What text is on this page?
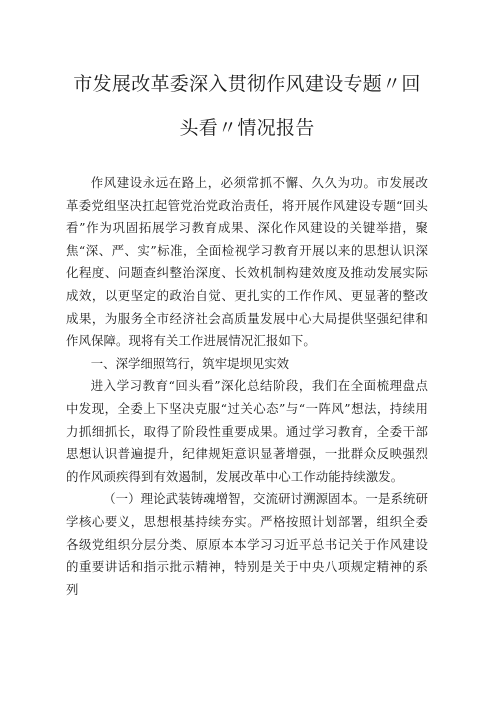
市发展改革委深入贯彻作风建设专题〃回
头看〃情况报告

作风建设永远在路上，必须常抓不懈、久久为功。市发展改革委党组坚决扛起管党治党政治责任，将开展作风建设专题“回头看”作为巩固拓展学习教育成果、深化作风建设的关键举措，聚焦“深、严、实”标准，全面检视学习教育开展以来的思想认识深化程度、问题查纠整治深度、长效机制构建效度及推动发展实际成效，以更坚定的政治自觉、更扎实的工作作风、更显著的整改成果，为服务全市经济社会高质量发展中心大局提供坚强纪律和作风保障。现将有关工作进展情况汇报如下。

一、深学细照笃行，筑牢堤坝见实效

进入学习教育“回头看”深化总结阶段，我们在全面梳理盘点中发现，全委上下坚决克服“过关心态”与“一阵风”想法，持续用力抓细抓长，取得了阶段性重要成果。通过学习教育，全委干部思想认识普遍提升，纪律规矩意识显著增强，一批群众反映强烈的作风顽疾得到有效遏制，发展改革中心工作动能持续激发。

（一）理论武装铸魂增智，交流研讨溯源固本。一是系统研学核心要义，思想根基持续夯实。严格按照计划部署，组织全委各级党组织分层分类、原原本本学习习近平总书记关于作风建设的重要讲话和指示批示精神，特别是关于中央八项规定精神的系列
